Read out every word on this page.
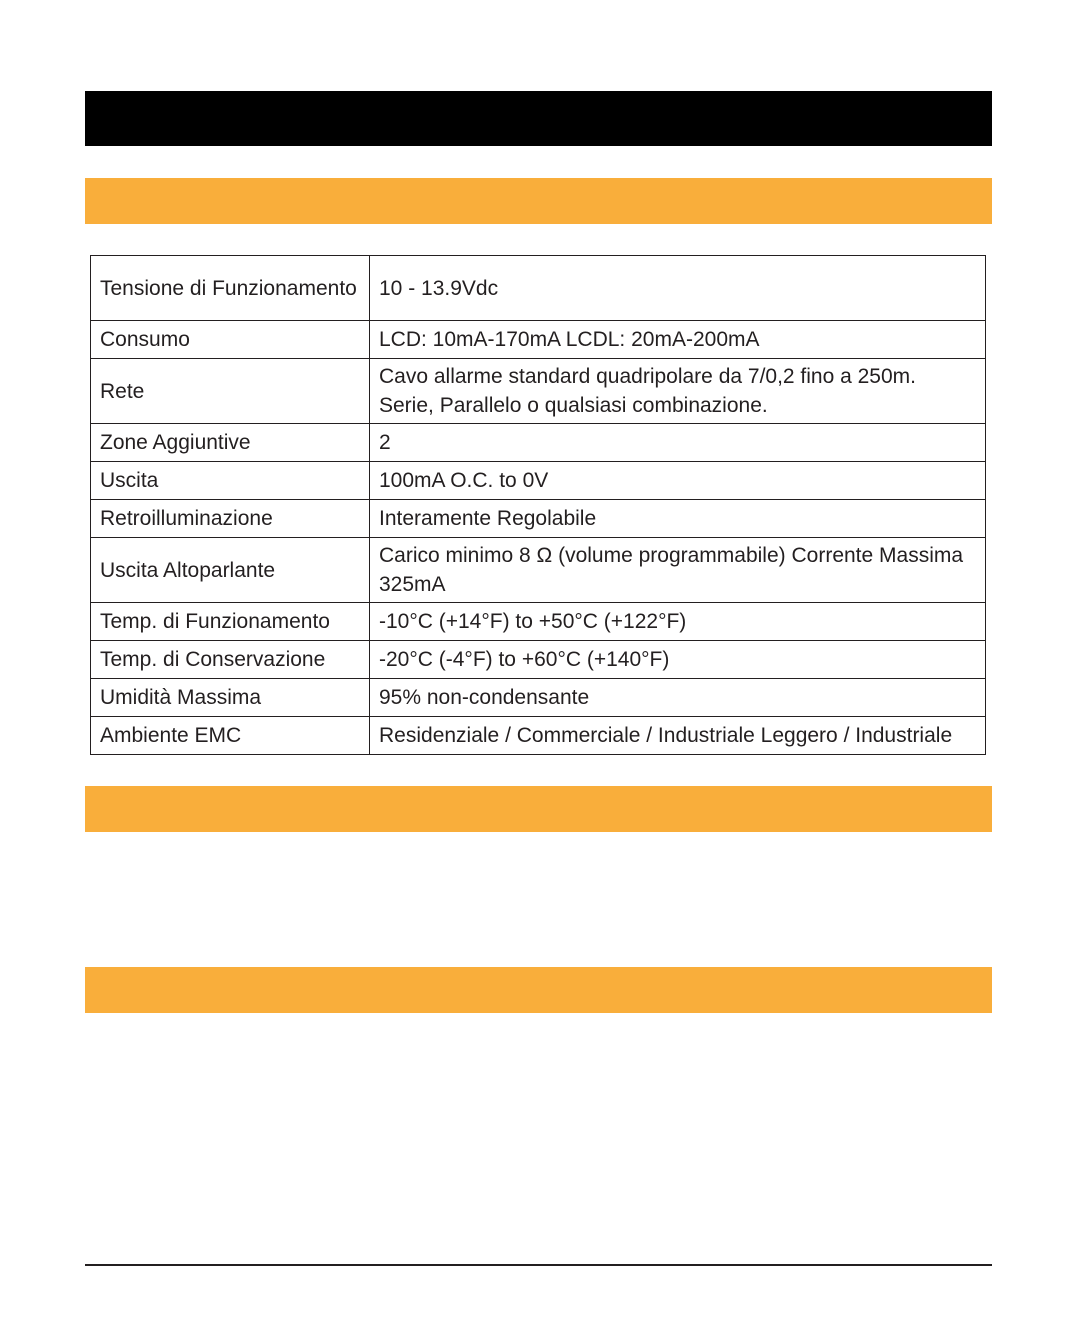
Tensione di Funzionamento	10 - 13.9Vdc
Consumo	LCD: 10mA-170mA LCDL: 20mA-200mA
Rete	Cavo allarme standard quadripolare da 7/0,2 fino a 250m. Serie, Parallelo o qualsiasi combinazione.
Zone Aggiuntive	2
Uscita	100mA O.C. to 0V
Retroilluminazione	Interamente Regolabile
Uscita Altoparlante	Carico minimo 8 Ω (volume programmabile) Corrente Massima 325mA
Temp. di Funzionamento	-10°C (+14°F) to +50°C (+122°F)
Temp. di Conservazione	-20°C (-4°F) to +60°C (+140°F)
Umidità Massima	95% non-condensante
Ambiente EMC	Residenziale / Commerciale / Industriale Leggero / Industriale
